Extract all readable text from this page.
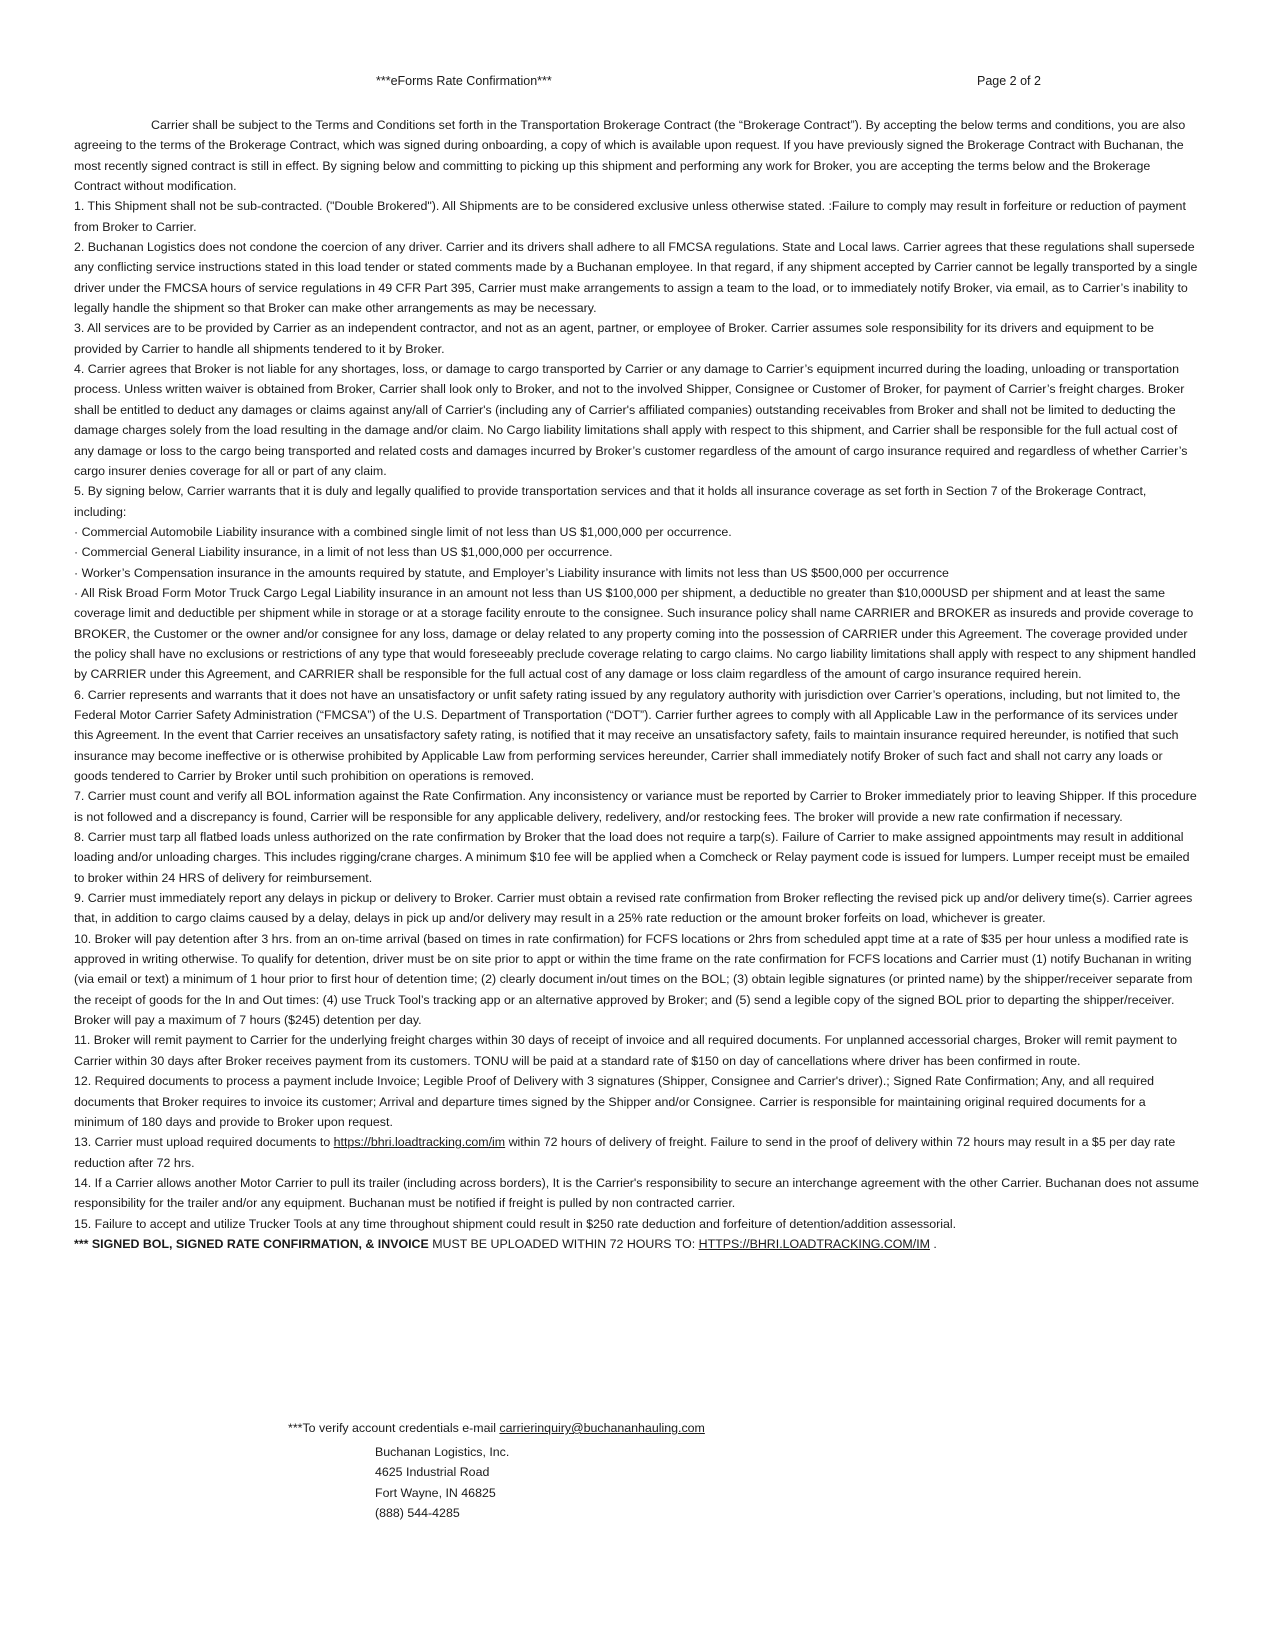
***eForms Rate Confirmation***	Page 2 of 2

Carrier shall be subject to the Terms and Conditions set forth in the Transportation Brokerage Contract (the “Brokerage Contract”). By accepting the below terms and conditions, you are also agreeing to the terms of the Brokerage Contract, which was signed during onboarding, a copy of which is available upon request. If you have previously signed the Brokerage Contract with Buchanan, the most recently signed contract is still in effect. By signing below and committing to picking up this shipment and performing any work for Broker, you are accepting the terms below and the Brokerage Contract without modification.

1. This Shipment shall not be sub-contracted. ("Double Brokered"). All Shipments are to be considered exclusive unless otherwise stated. :Failure to comply may result in forfeiture or reduction of payment from Broker to Carrier.

2. Buchanan Logistics does not condone the coercion of any driver. Carrier and its drivers shall adhere to all FMCSA regulations. State and Local laws. Carrier agrees that these regulations shall supersede any conflicting service instructions stated in this load tender or stated comments made by a Buchanan employee. In that regard, if any shipment accepted by Carrier cannot be legally transported by a single driver under the FMCSA hours of service regulations in 49 CFR Part 395, Carrier must make arrangements to assign a team to the load, or to immediately notify Broker, via email, as to Carrier’s inability to legally handle the shipment so that Broker can make other arrangements as may be necessary.

3. All services are to be provided by Carrier as an independent contractor, and not as an agent, partner, or employee of Broker. Carrier assumes sole responsibility for its drivers and equipment to be provided by Carrier to handle all shipments tendered to it by Broker.

4. Carrier agrees that Broker is not liable for any shortages, loss, or damage to cargo transported by Carrier or any damage to Carrier’s equipment incurred during the loading, unloading or transportation process. Unless written waiver is obtained from Broker, Carrier shall look only to Broker, and not to the involved Shipper, Consignee or Customer of Broker, for payment of Carrier’s freight charges. Broker shall be entitled to deduct any damages or claims against any/all of Carrier's (including any of Carrier's affiliated companies) outstanding receivables from Broker and shall not be limited to deducting the damage charges solely from the load resulting in the damage and/or claim. No Cargo liability limitations shall apply with respect to this shipment, and Carrier shall be responsible for the full actual cost of any damage or loss to the cargo being transported and related costs and damages incurred by Broker’s customer regardless of the amount of cargo insurance required and regardless of whether Carrier’s cargo insurer denies coverage for all or part of any claim.

5. By signing below, Carrier warrants that it is duly and legally qualified to provide transportation services and that it holds all insurance coverage as set forth in Section 7 of the Brokerage Contract, including:

· Commercial Automobile Liability insurance with a combined single limit of not less than US $1,000,000 per occurrence.

· Commercial General Liability insurance, in a limit of not less than US $1,000,000 per occurrence.

· Worker’s Compensation insurance in the amounts required by statute, and Employer’s Liability insurance with limits not less than US $500,000 per occurrence

· All Risk Broad Form Motor Truck Cargo Legal Liability insurance in an amount not less than US $100,000 per shipment, a deductible no greater than $10,000USD per shipment and at least the same coverage limit and deductible per shipment while in storage or at a storage facility enroute to the consignee. Such insurance policy shall name CARRIER and BROKER as insureds and provide coverage to BROKER, the Customer or the owner and/or consignee for any loss, damage or delay related to any property coming into the possession of CARRIER under this Agreement. The coverage provided under the policy shall have no exclusions or restrictions of any type that would foreseeably preclude coverage relating to cargo claims. No cargo liability limitations shall apply with respect to any shipment handled by CARRIER under this Agreement, and CARRIER shall be responsible for the full actual cost of any damage or loss claim regardless of the amount of cargo insurance required herein.

6. Carrier represents and warrants that it does not have an unsatisfactory or unfit safety rating issued by any regulatory authority with jurisdiction over Carrier’s operations, including, but not limited to, the Federal Motor Carrier Safety Administration (“FMCSA”) of the U.S. Department of Transportation (“DOT”). Carrier further agrees to comply with all Applicable Law in the performance of its services under this Agreement. In the event that Carrier receives an unsatisfactory safety rating, is notified that it may receive an unsatisfactory safety, fails to maintain insurance required hereunder, is notified that such insurance may become ineffective or is otherwise prohibited by Applicable Law from performing services hereunder, Carrier shall immediately notify Broker of such fact and shall not carry any loads or goods tendered to Carrier by Broker until such prohibition on operations is removed.

7. Carrier must count and verify all BOL information against the Rate Confirmation. Any inconsistency or variance must be reported by Carrier to Broker immediately prior to leaving Shipper. If this procedure is not followed and a discrepancy is found, Carrier will be responsible for any applicable delivery, redelivery, and/or restocking fees. The broker will provide a new rate confirmation if necessary.

8. Carrier must tarp all flatbed loads unless authorized on the rate confirmation by Broker that the load does not require a tarp(s). Failure of Carrier to make assigned appointments may result in additional loading and/or unloading charges. This includes rigging/crane charges. A minimum $10 fee will be applied when a Comcheck or Relay payment code is issued for lumpers. Lumper receipt must be emailed to broker within 24 HRS of delivery for reimbursement.

9. Carrier must immediately report any delays in pickup or delivery to Broker. Carrier must obtain a revised rate confirmation from Broker reflecting the revised pick up and/or delivery time(s). Carrier agrees that, in addition to cargo claims caused by a delay, delays in pick up and/or delivery may result in a 25% rate reduction or the amount broker forfeits on load, whichever is greater.

10. Broker will pay detention after 3 hrs. from an on-time arrival (based on times in rate confirmation) for FCFS locations or 2hrs from scheduled appt time at a rate of $35 per hour unless a modified rate is approved in writing otherwise. To qualify for detention, driver must be on site prior to appt or within the time frame on the rate confirmation for FCFS locations and Carrier must (1) notify Buchanan in writing (via email or text) a minimum of 1 hour prior to first hour of detention time; (2) clearly document in/out times on the BOL; (3) obtain legible signatures (or printed name) by the shipper/receiver separate from the receipt of goods for the In and Out times: (4) use Truck Tool’s tracking app or an alternative approved by Broker; and (5) send a legible copy of the signed BOL prior to departing the shipper/receiver. Broker will pay a maximum of 7 hours ($245) detention per day.

11. Broker will remit payment to Carrier for the underlying freight charges within 30 days of receipt of invoice and all required documents. For unplanned accessorial charges, Broker will remit payment to Carrier within 30 days after Broker receives payment from its customers. TONU will be paid at a standard rate of $150 on day of cancellations where driver has been confirmed in route.

12. Required documents to process a payment include Invoice; Legible Proof of Delivery with 3 signatures (Shipper, Consignee and Carrier's driver).; Signed Rate Confirmation; Any, and all required documents that Broker requires to invoice its customer; Arrival and departure times signed by the Shipper and/or Consignee. Carrier is responsible for maintaining original required documents for a minimum of 180 days and provide to Broker upon request.

13. Carrier must upload required documents to https://bhri.loadtracking.com/im within 72 hours of delivery of freight. Failure to send in the proof of delivery within 72 hours may result in a $5 per day rate reduction after 72 hrs.

14. If a Carrier allows another Motor Carrier to pull its trailer (including across borders), It is the Carrier's responsibility to secure an interchange agreement with the other Carrier. Buchanan does not assume responsibility for the trailer and/or any equipment. Buchanan must be notified if freight is pulled by non contracted carrier.

15. Failure to accept and utilize Trucker Tools at any time throughout shipment could result in $250 rate deduction and forfeiture of detention/addition assessorial.

*** SIGNED BOL, SIGNED RATE CONFIRMATION, & INVOICE MUST BE UPLOADED WITHIN 72 HOURS TO: HTTPS://BHRI.LOADTRACKING.COM/IM .

***To verify account credentials e-mail carrierinquiry@buchananhauling.com
Buchanan Logistics, Inc.
4625 Industrial Road
Fort Wayne, IN 46825
(888) 544-4285
